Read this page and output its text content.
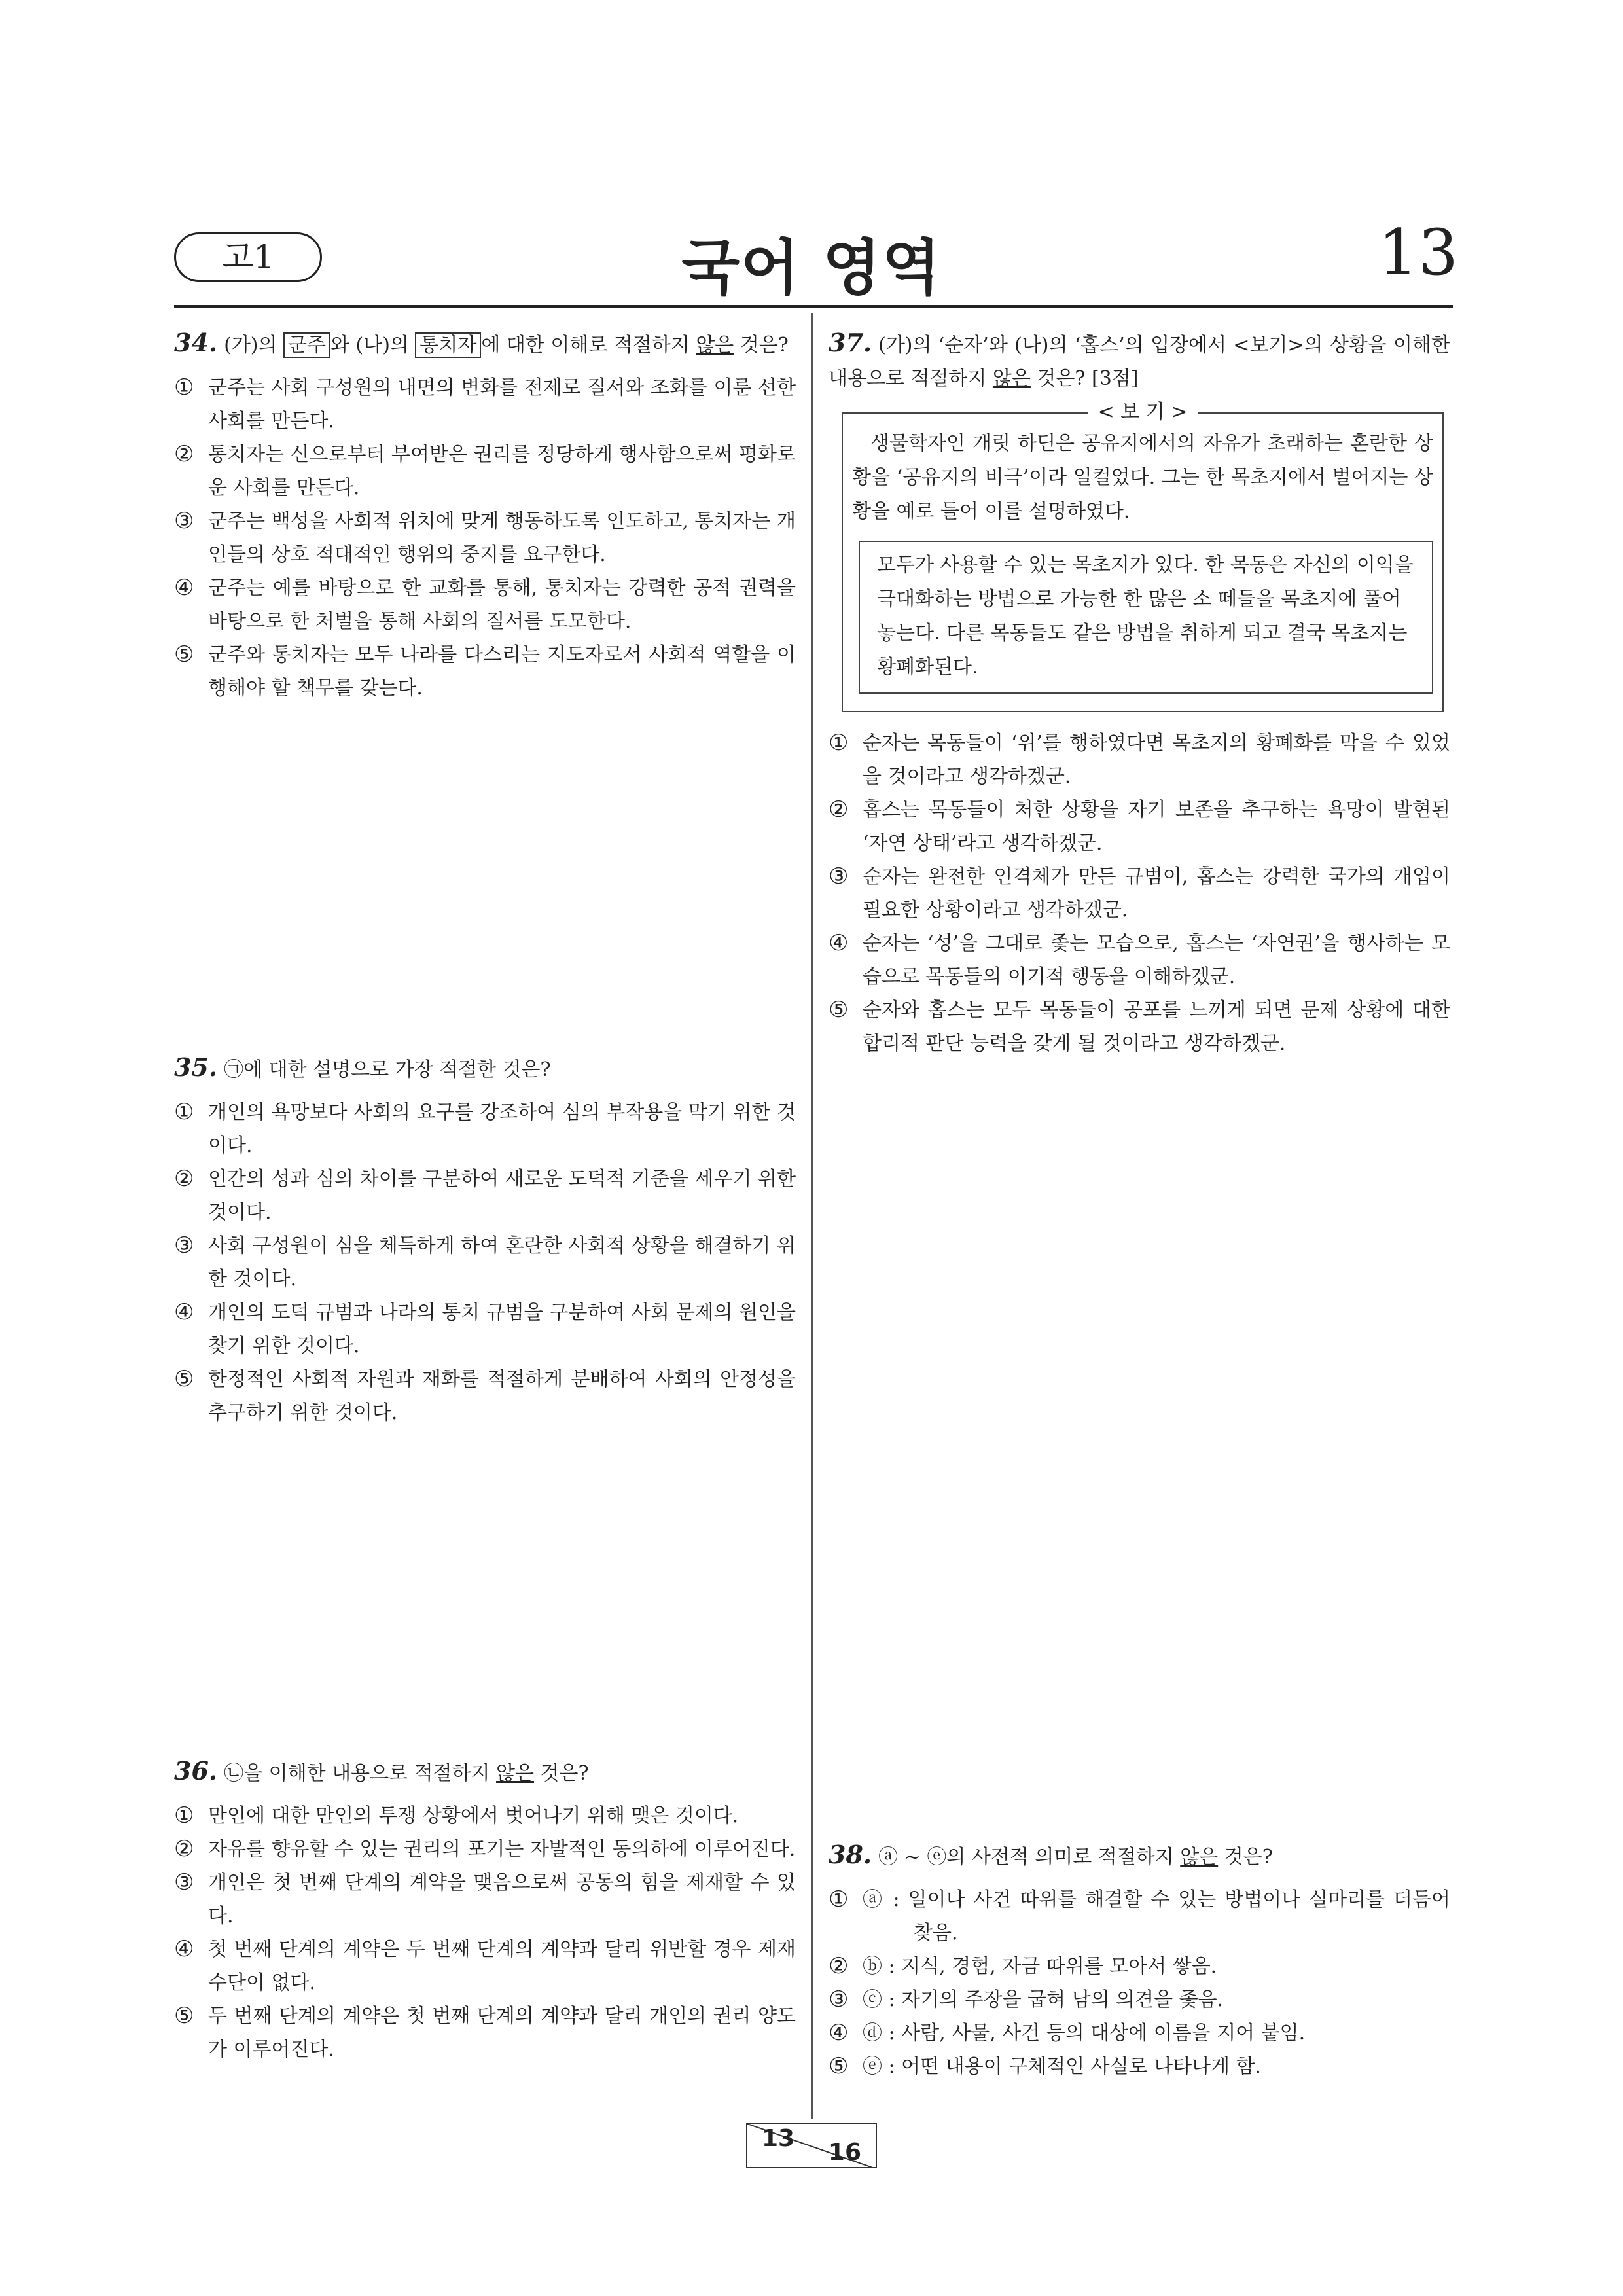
고1	국어 영역	13

34. (가)의 군주 와 (나)의 통치자 에 대한 이해로 적절하지 않은 것은?

① 군주는 사회 구성원의 내면의 변화를 전제로 질서와 조화를 이룬 선한 사회를 만든다.
② 통치자는 신으로부터 부여받은 권리를 정당하게 행사함으로써 평화로운 사회를 만든다.
③ 군주는 백성을 사회적 위치에 맞게 행동하도록 인도하고, 통치자는 개인들의 상호 적대적인 행위의 중지를 요구한다.
④ 군주는 예를 바탕으로 한 교화를 통해, 통치자는 강력한 공적 권력을 바탕으로 한 처벌을 통해 사회의 질서를 도모한다.
⑤ 군주와 통치자는 모두 나라를 다스리는 지도자로서 사회적 역할을 이행해야 할 책무를 갖는다.

35. ㉠에 대한 설명으로 가장 적절한 것은?

① 개인의 욕망보다 사회의 요구를 강조하여 심의 부작용을 막기 위한 것이다.
② 인간의 성과 심의 차이를 구분하여 새로운 도덕적 기준을 세우기 위한 것이다.
③ 사회 구성원이 심을 체득하게 하여 혼란한 사회적 상황을 해결하기 위한 것이다.
④ 개인의 도덕 규범과 나라의 통치 규범을 구분하여 사회 문제의 원인을 찾기 위한 것이다.
⑤ 한정적인 사회적 자원과 재화를 적절하게 분배하여 사회의 안정성을 추구하기 위한 것이다.

36. ㉡을 이해한 내용으로 적절하지 않은 것은?

① 만인에 대한 만인의 투쟁 상황에서 벗어나기 위해 맺은 것이다.
② 자유를 향유할 수 있는 권리의 포기는 자발적인 동의하에 이루어진다.
③ 개인은 첫 번째 단계의 계약을 맺음으로써 공동의 힘을 제재할 수 있다.
④ 첫 번째 단계의 계약은 두 번째 단계의 계약과 달리 위반할 경우 제재 수단이 없다.
⑤ 두 번째 단계의 계약은 첫 번째 단계의 계약과 달리 개인의 권리 양도가 이루어진다.

37. (가)의 ‘순자’와 (나)의 ‘홉스’의 입장에서 <보기>의 상황을 이해한 내용으로 적절하지 않은 것은? [3점]

< 보 기 >

생물학자인 개릿 하딘은 공유지에서의 자유가 초래하는 혼란한 상황을 ‘공유지의 비극’이라 일컬었다. 그는 한 목초지에서 벌어지는 상황을 예로 들어 이를 설명하였다.

모두가 사용할 수 있는 목초지가 있다. 한 목동은 자신의 이익을 극대화하는 방법으로 가능한 한 많은 소 떼들을 목초지에 풀어 놓는다. 다른 목동들도 같은 방법을 취하게 되고 결국 목초지는 황폐화된다.
① 순자는 목동들이 ‘위’를 행하였다면 목초지의 황폐화를 막을 수 있었을 것이라고 생각하겠군.
② 홉스는 목동들이 처한 상황을 자기 보존을 추구하는 욕망이 발현된 ‘자연 상태’라고 생각하겠군.
③ 순자는 완전한 인격체가 만든 규범이, 홉스는 강력한 국가의 개입이 필요한 상황이라고 생각하겠군.
④ 순자는 ‘성’을 그대로 좇는 모습으로, 홉스는 ‘자연권’을 행사하는 모습으로 목동들의 이기적 행동을 이해하겠군.
⑤ 순자와 홉스는 모두 목동들이 공포를 느끼게 되면 문제 상황에 대한 합리적 판단 능력을 갖게 될 것이라고 생각하겠군.

38. ⓐ ~ ⓔ의 사전적 의미로 적절하지 않은 것은?

① ⓐ : 일이나 사건 따위를 해결할 수 있는 방법이나 실마리를 더듬어 찾음.
② ⓑ : 지식, 경험, 자금 따위를 모아서 쌓음.
③ ⓒ : 자기의 주장을 굽혀 남의 의견을 좇음.
④ ⓓ : 사람, 사물, 사건 등의 대상에 이름을 지어 붙임.
⑤ ⓔ : 어떤 내용이 구체적인 사실로 나타나게 함.
13
16
